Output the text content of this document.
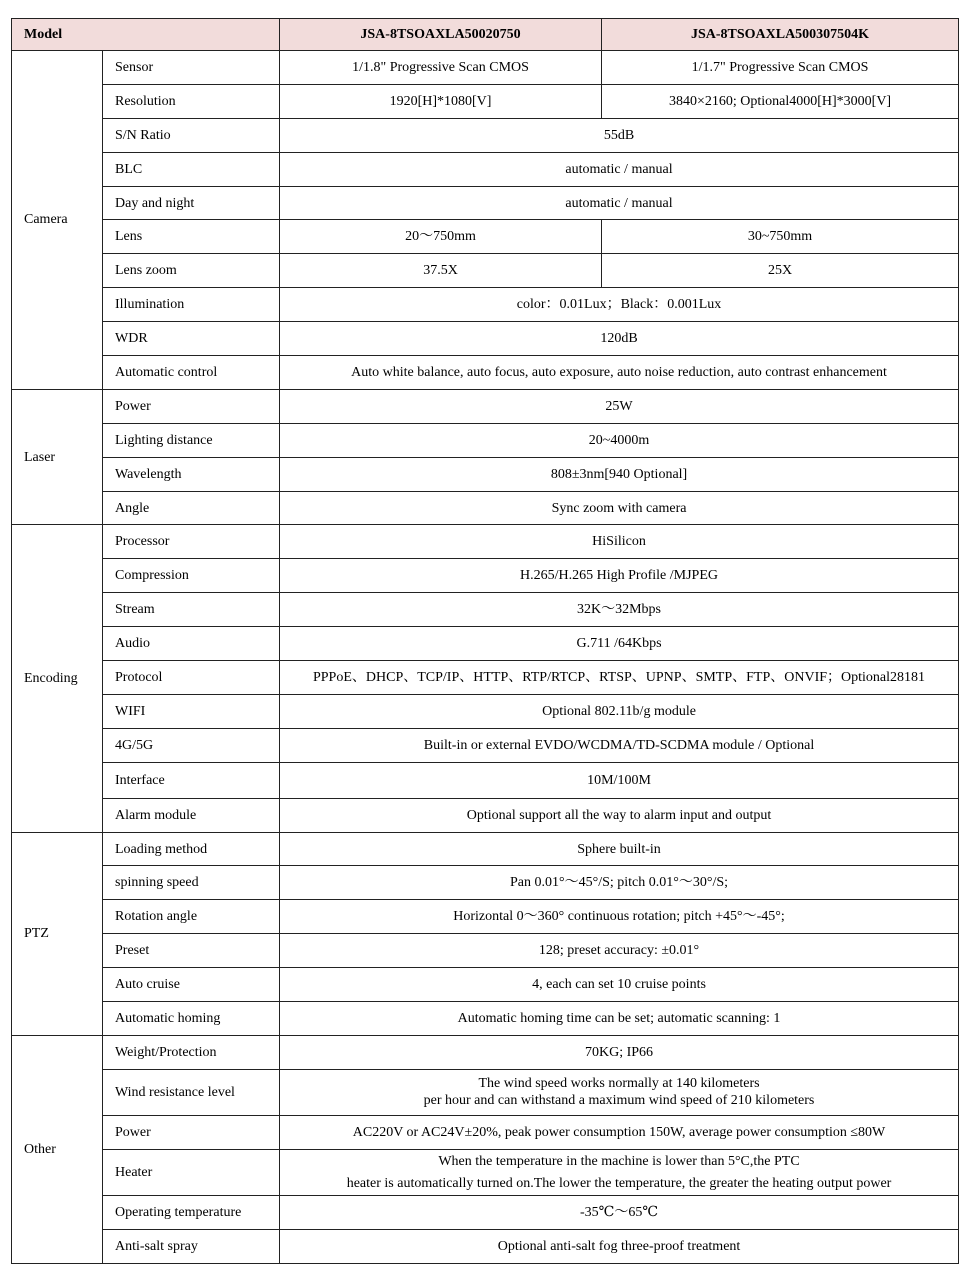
Model		JSA-8TSOAXLA50020750	JSA-8TSOAXLA500307504K
Camera	Sensor	1/1.8" Progressive Scan CMOS	1/1.7" Progressive Scan CMOS
	Resolution	1920[H]*1080[V]	3840×2160; Optional4000[H]*3000[V]
	S/N Ratio	55dB	
	BLC	automatic / manual	
	Day and night	automatic / manual	
	Lens	20～750mm	30~750mm
	Lens zoom	37.5X	25X
	Illumination	color：0.01Lux；Black：0.001Lux	
	WDR	120dB	
	Automatic control	Auto white balance, auto focus, auto exposure, auto noise reduction, auto contrast enhancement	
Laser	Power	25W	
	Lighting distance	20~4000m	
	Wavelength	808±3nm[940 Optional]	
	Angle	Sync zoom with camera	
Encoding	Processor	HiSilicon	
	Compression	H.265/H.265 High Profile /MJPEG	
	Stream	32K～32Mbps	
	Audio	G.711 /64Kbps	
	Protocol	PPPoE、DHCP、TCP/IP、HTTP、RTP/RTCP、RTSP、UPNP、SMTP、FTP、ONVIF；Optional28181	
	WIFI	Optional 802.11b/g module	
	4G/5G	Built-in or external EVDO/WCDMA/TD-SCDMA module / Optional	
	Interface	10M/100M	
	Alarm module	Optional support all the way to alarm input and output	
PTZ	Loading method	Sphere built-in	
	spinning speed	Pan 0.01°～45°/S; pitch 0.01°～30°/S;	
	Rotation angle	Horizontal 0～360° continuous rotation; pitch +45°～-45°;	
	Preset	128; preset accuracy: ±0.01°	
	Auto cruise	4, each can set 10 cruise points	
	Automatic homing	Automatic homing time can be set; automatic scanning: 1	
Other	Weight/Protection	70KG; IP66	
	Wind resistance level	The wind speed works normally at 140 kilometers
per hour and can withstand a maximum wind speed of 210 kilometers	

	Power	AC220V or AC24V±20%, peak power consumption 150W, average power consumption ≤80W	
	Heater	When the temperature in the machine is lower than 5°C,the PTC
heater is automatically turned on.The lower the temperature, the greater the heating output power	

	Operating temperature	-35℃～65℃	
	Anti-salt spray	Optional anti-salt fog three-proof treatment	
